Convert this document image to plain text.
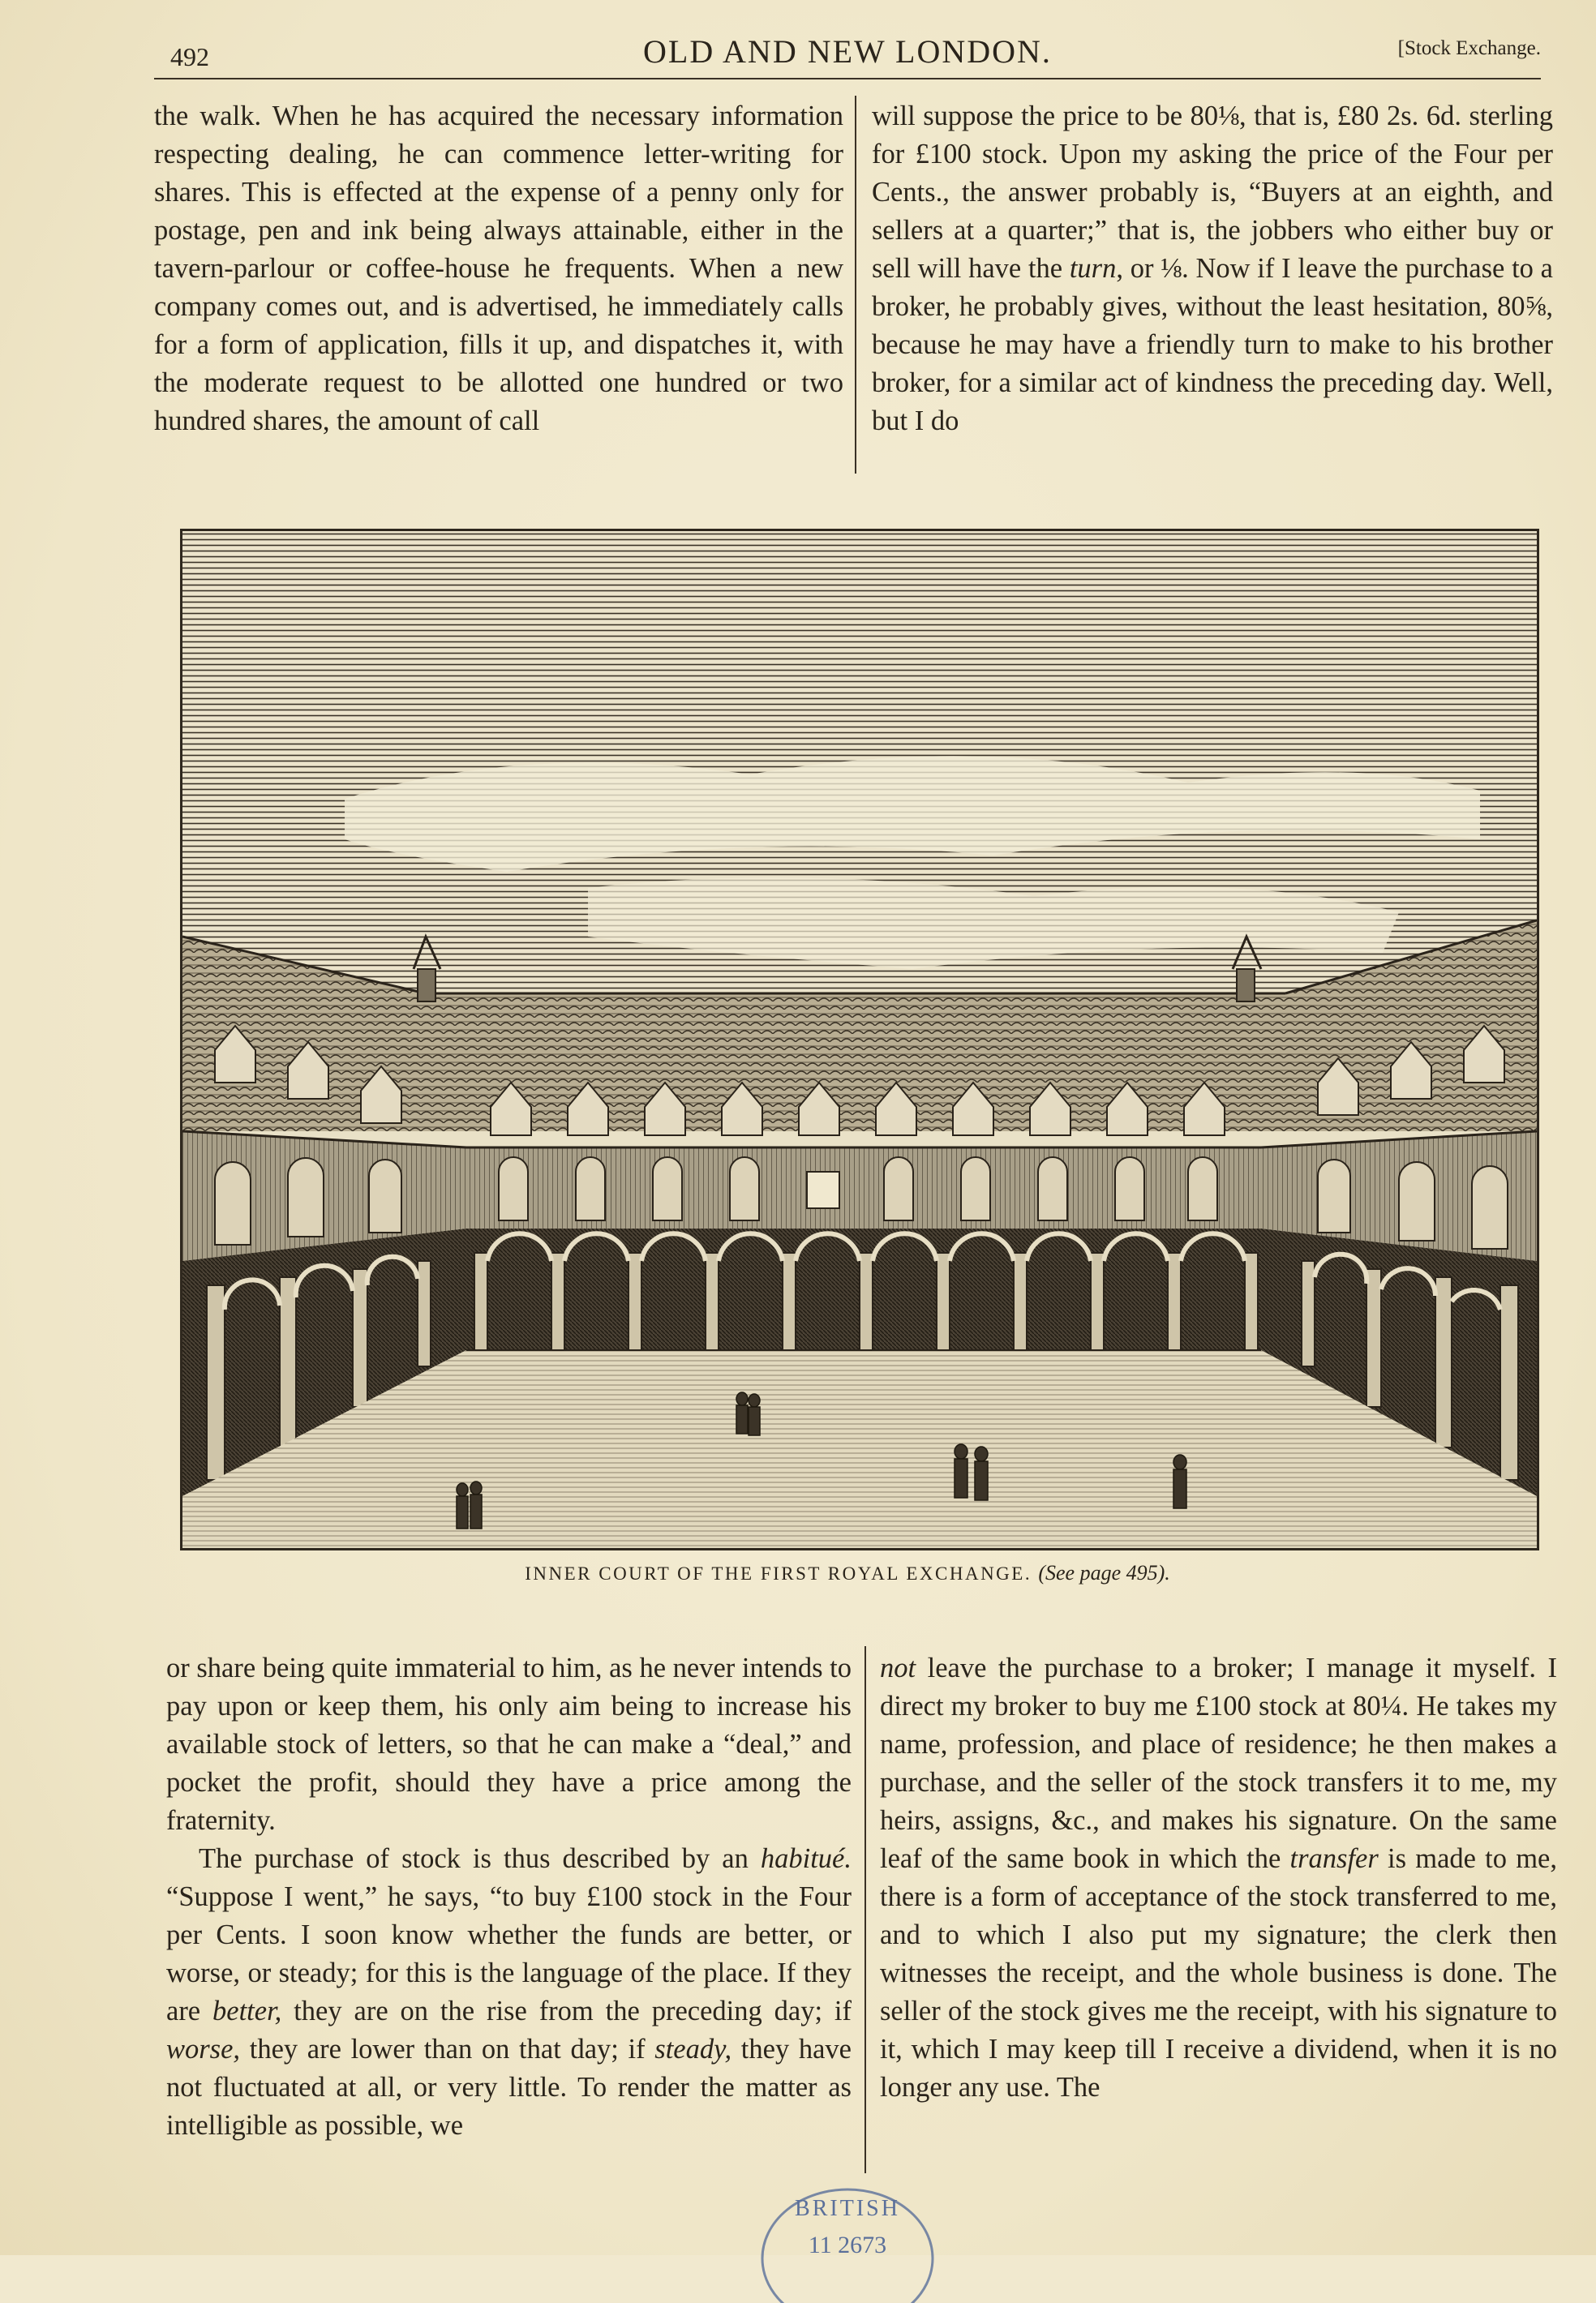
492	OLD AND NEW LONDON.	[Stock Exchange.

the walk. When he has acquired the necessary information respecting dealing, he can commence letter-writing for shares. This is effected at the expense of a penny only for postage, pen and ink being always attainable, either in the tavern-parlour or coffee-house he frequents. When a new company comes out, and is advertised, he immediately calls for a form of application, fills it up, and dispatches it, with the moderate request to be allotted one hundred or two hundred shares, the amount of call

will suppose the price to be 80⅛, that is, £80 2s. 6d. sterling for £100 stock. Upon my asking the price of the Four per Cents., the answer probably is, “Buyers at an eighth, and sellers at a quarter;” that is, the jobbers who either buy or sell will have the turn, or ⅛. Now if I leave the purchase to a broker, he probably gives, without the least hesitation, 80⅝, because he may have a friendly turn to make to his brother broker, for a similar act of kindness the preceding day. Well, but I do

INNER COURT OF THE FIRST ROYAL EXCHANGE. (See page 495).

or share being quite immaterial to him, as he never intends to pay upon or keep them, his only aim being to increase his available stock of letters, so that he can make a “deal,” and pocket the profit, should they have a price among the fraternity.

The purchase of stock is thus described by an habitué. “Suppose I went,” he says, “to buy £100 stock in the Four per Cents. I soon know whether the funds are better, or worse, or steady; for this is the language of the place. If they are better, they are on the rise from the preceding day; if worse, they are lower than on that day; if steady, they have not fluctuated at all, or very little. To render the matter as intelligible as possible, we

not leave the purchase to a broker; I manage it myself. I direct my broker to buy me £100 stock at 80¼. He takes my name, profession, and place of residence; he then makes a purchase, and the seller of the stock transfers it to me, my heirs, assigns, &c., and makes his signature. On the same leaf of the same book in which the transfer is made to me, there is a form of acceptance of the stock transferred to me, and to which I also put my signature; the clerk then witnesses the receipt, and the whole business is done. The seller of the stock gives me the receipt, with his signature to it, which I may keep till I receive a dividend, when it is no longer any use. The

BRITISH
11 2673
